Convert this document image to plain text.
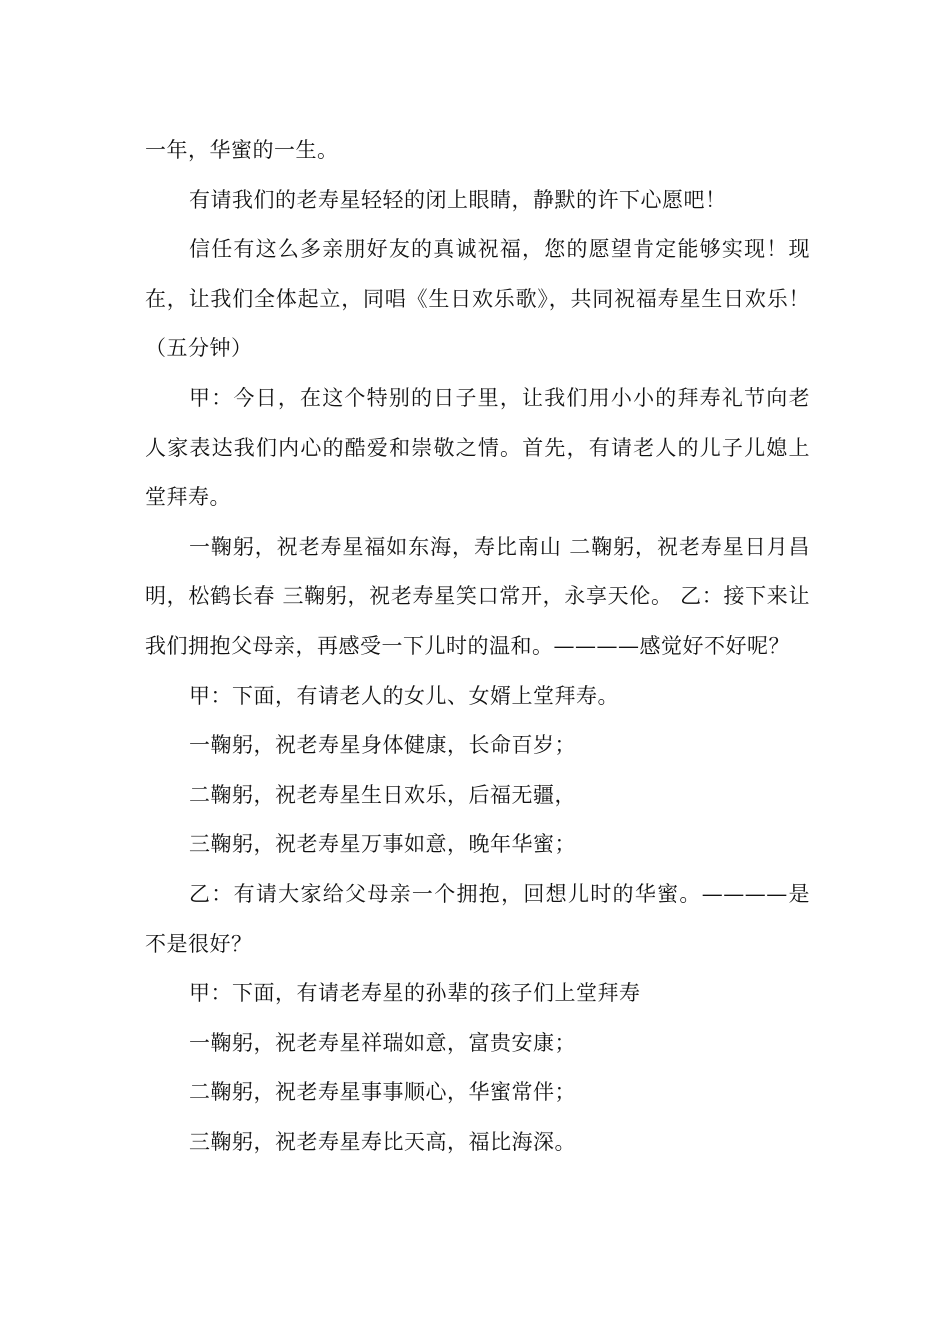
一年，华蜜的一生。

有请我们的老寿星轻轻的闭上眼睛，静默的许下心愿吧！

信任有这么多亲朋好友的真诚祝福，您的愿望肯定能够实现！现在，让我们全体起立，同唱《生日欢乐歌》，共同祝福寿星生日欢乐！（五分钟）

甲：今日，在这个特别的日子里，让我们用小小的拜寿礼节向老人家表达我们内心的酷爱和崇敬之情。首先，有请老人的儿子儿媳上堂拜寿。

一鞠躬，祝老寿星福如东海，寿比南山 二鞠躬，祝老寿星日月昌明，松鹤长春 三鞠躬，祝老寿星笑口常开，永享天伦。 乙：接下来让我们拥抱父母亲，再感受一下儿时的温和。————感觉好不好呢？

甲：下面，有请老人的女儿、女婿上堂拜寿。

一鞠躬，祝老寿星身体健康，长命百岁；

二鞠躬，祝老寿星生日欢乐，后福无疆，

三鞠躬，祝老寿星万事如意，晚年华蜜；

乙：有请大家给父母亲一个拥抱，回想儿时的华蜜。————是不是很好？

甲：下面，有请老寿星的孙辈的孩子们上堂拜寿

一鞠躬，祝老寿星祥瑞如意，富贵安康；

二鞠躬，祝老寿星事事顺心，华蜜常伴；

三鞠躬，祝老寿星寿比天高，福比海深。
